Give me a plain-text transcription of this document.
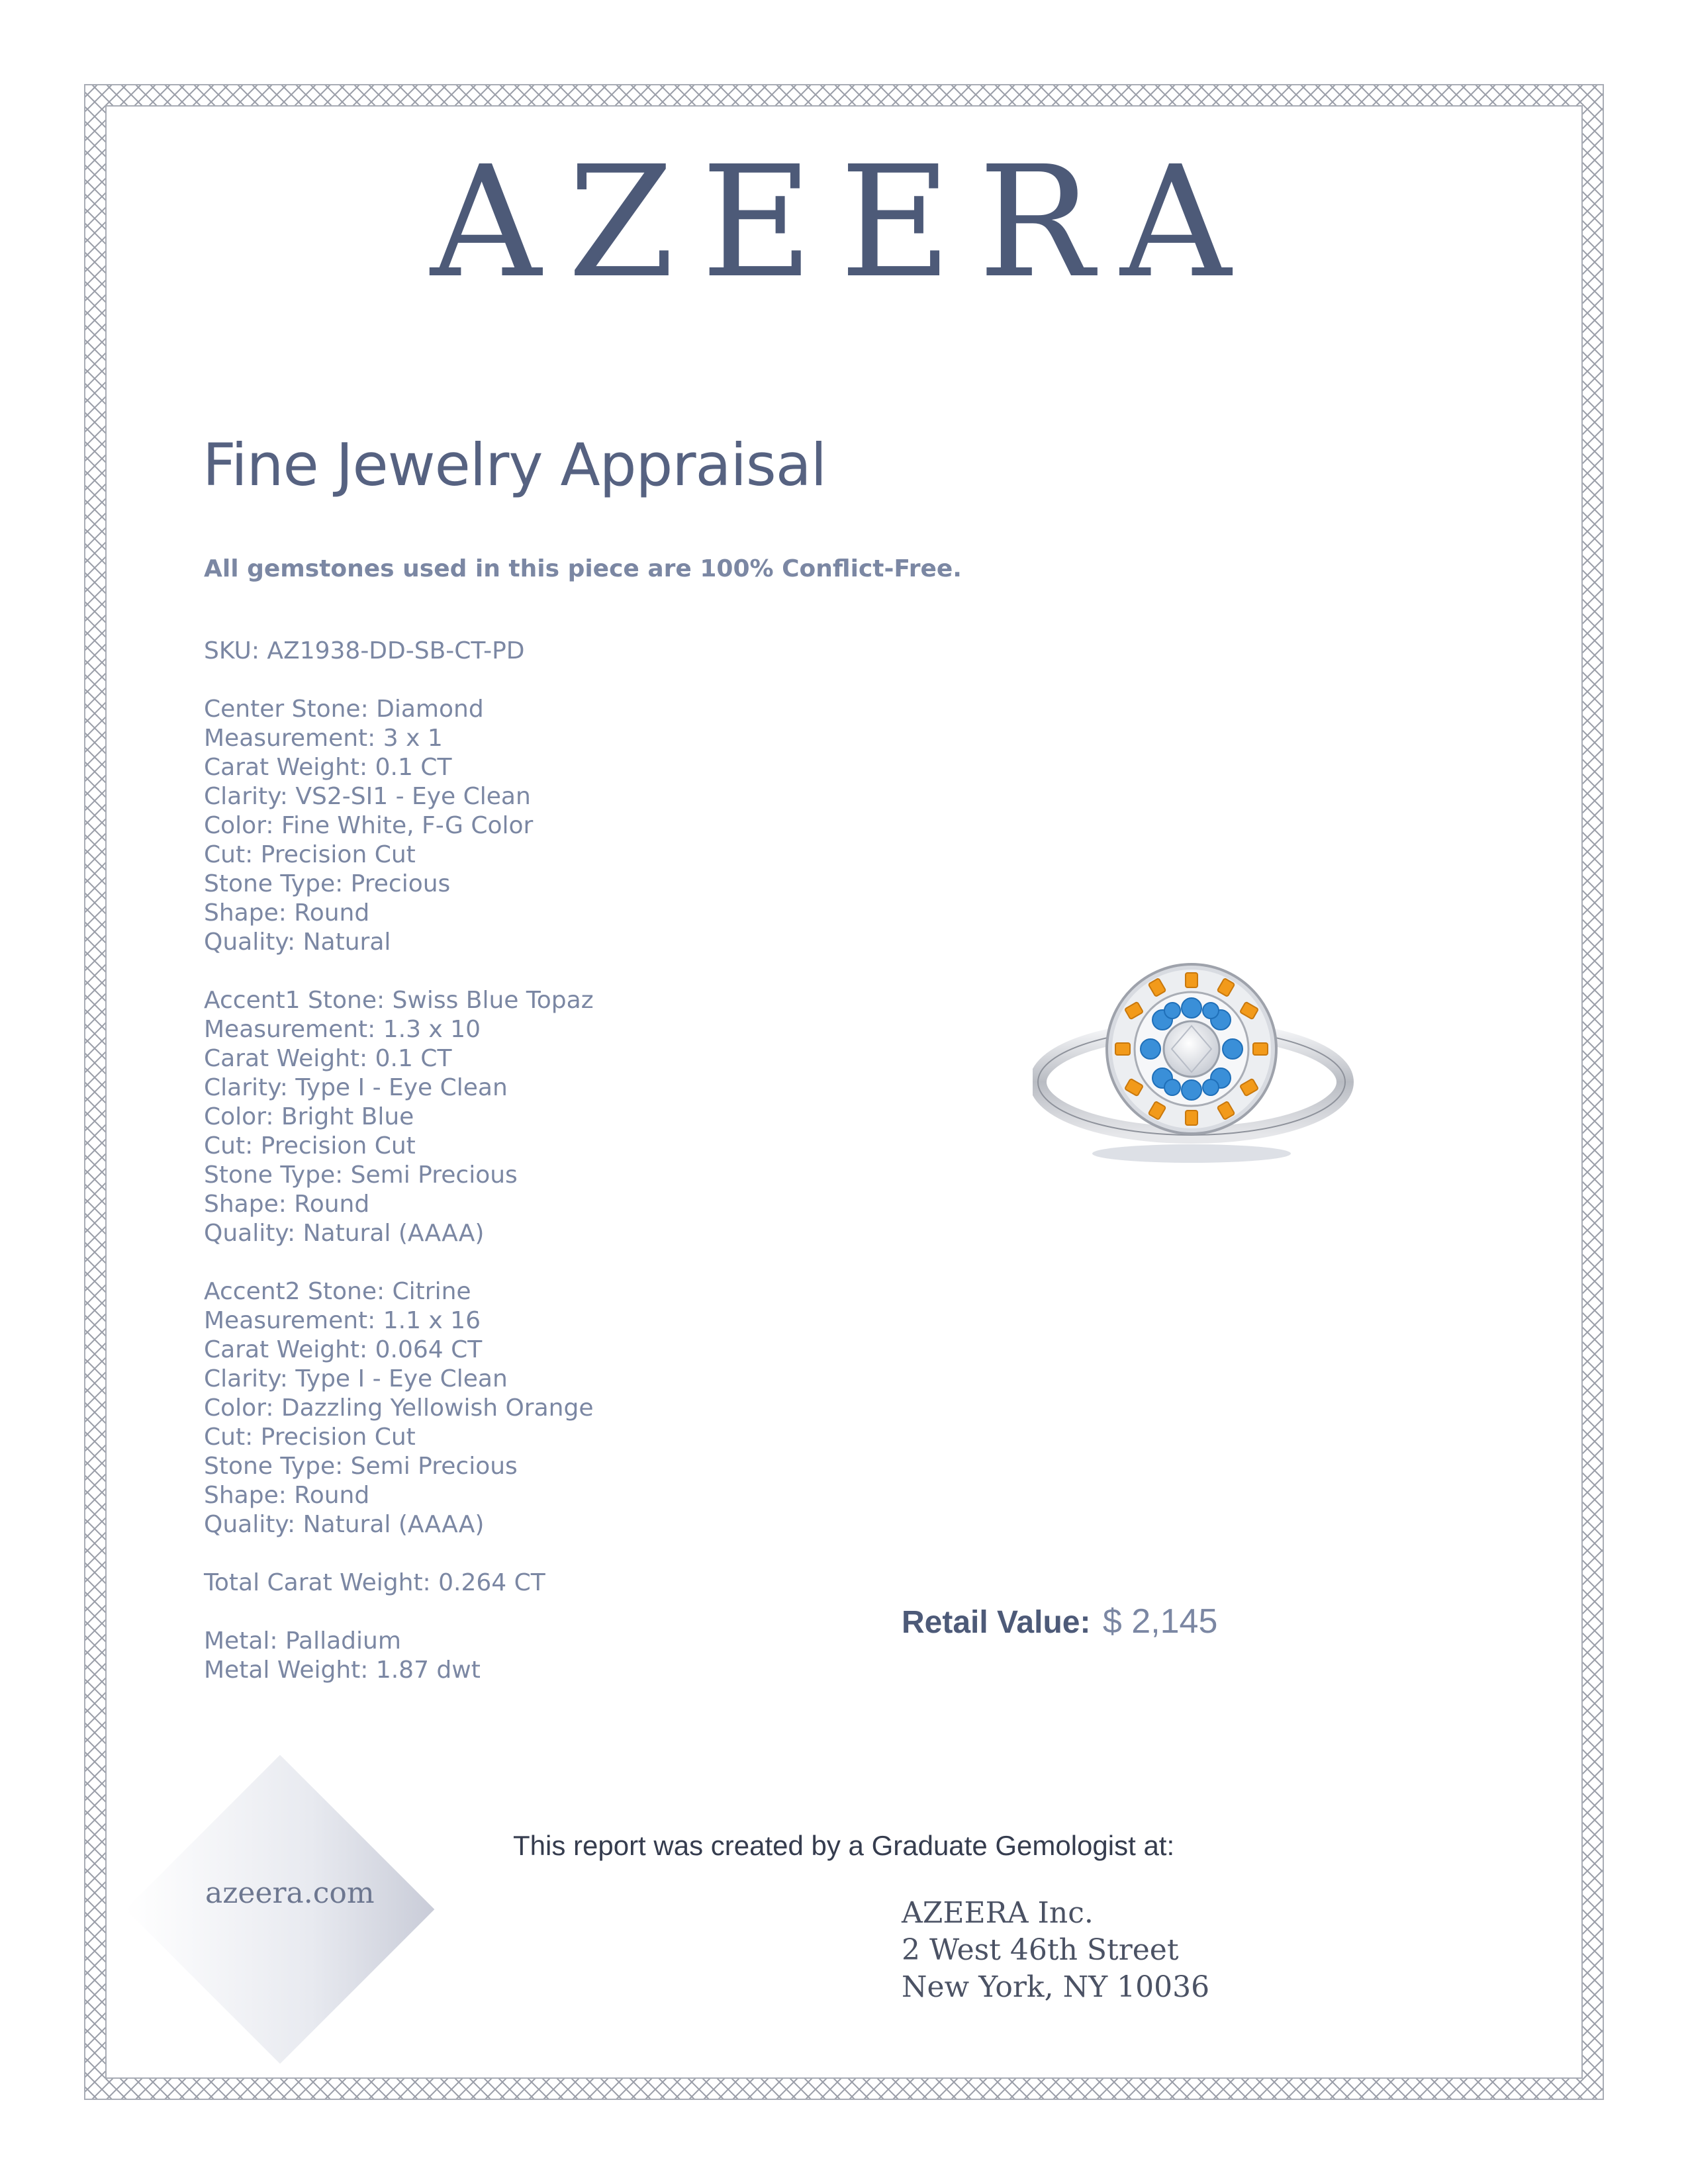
AZEERA
Fine Jewelry Appraisal
All gemstones used in this piece are 100% Conflict-Free.
SKU: AZ1938-DD-SB-CT-PD
Center Stone: Diamond
Measurement: 3 x 1
Carat Weight: 0.1 CT
Clarity: VS2-SI1 - Eye Clean
Color: Fine White, F-G Color
Cut: Precision Cut
Stone Type: Precious
Shape: Round
Quality: Natural
Accent1 Stone: Swiss Blue Topaz
Measurement: 1.3 x 10
Carat Weight: 0.1 CT
Clarity: Type I - Eye Clean
Color: Bright Blue
Cut: Precision Cut
Stone Type: Semi Precious
Shape: Round
Quality: Natural (AAAA)
Accent2 Stone: Citrine
Measurement: 1.1 x 16
Carat Weight: 0.064 CT
Clarity: Type I - Eye Clean
Color: Dazzling Yellowish Orange
Cut: Precision Cut
Stone Type: Semi Precious
Shape: Round
Quality: Natural (AAAA)
Total Carat Weight: 0.264 CT
Metal: Palladium
Metal Weight: 1.87 dwt
Retail Value: $ 2,145
azeera.com
This report was created by a Graduate Gemologist at:
AZEERA Inc.
2 West 46th Street
New York, NY 10036
